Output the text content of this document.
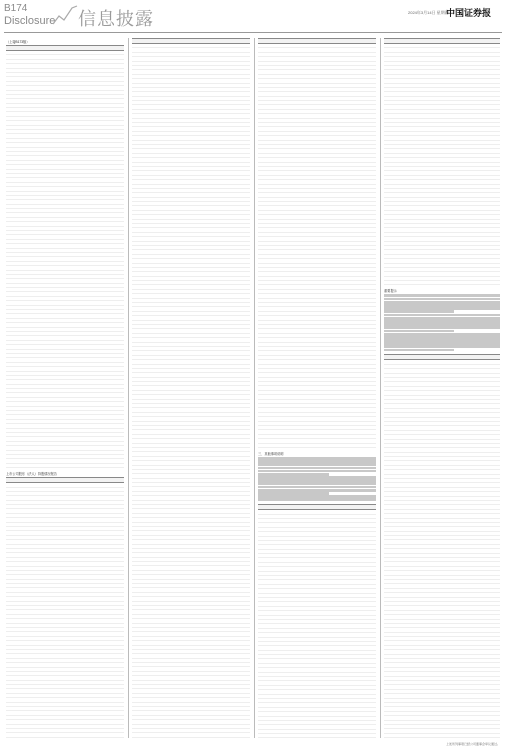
B174
Disclosure 信息披露	2024年3月14日 星期四
中国证券报
（上接B173版）
上市公司股东（法人）持股情况报告
三、其他事项说明
重要提示
上述所列事项已经公司董事会审议通过。
